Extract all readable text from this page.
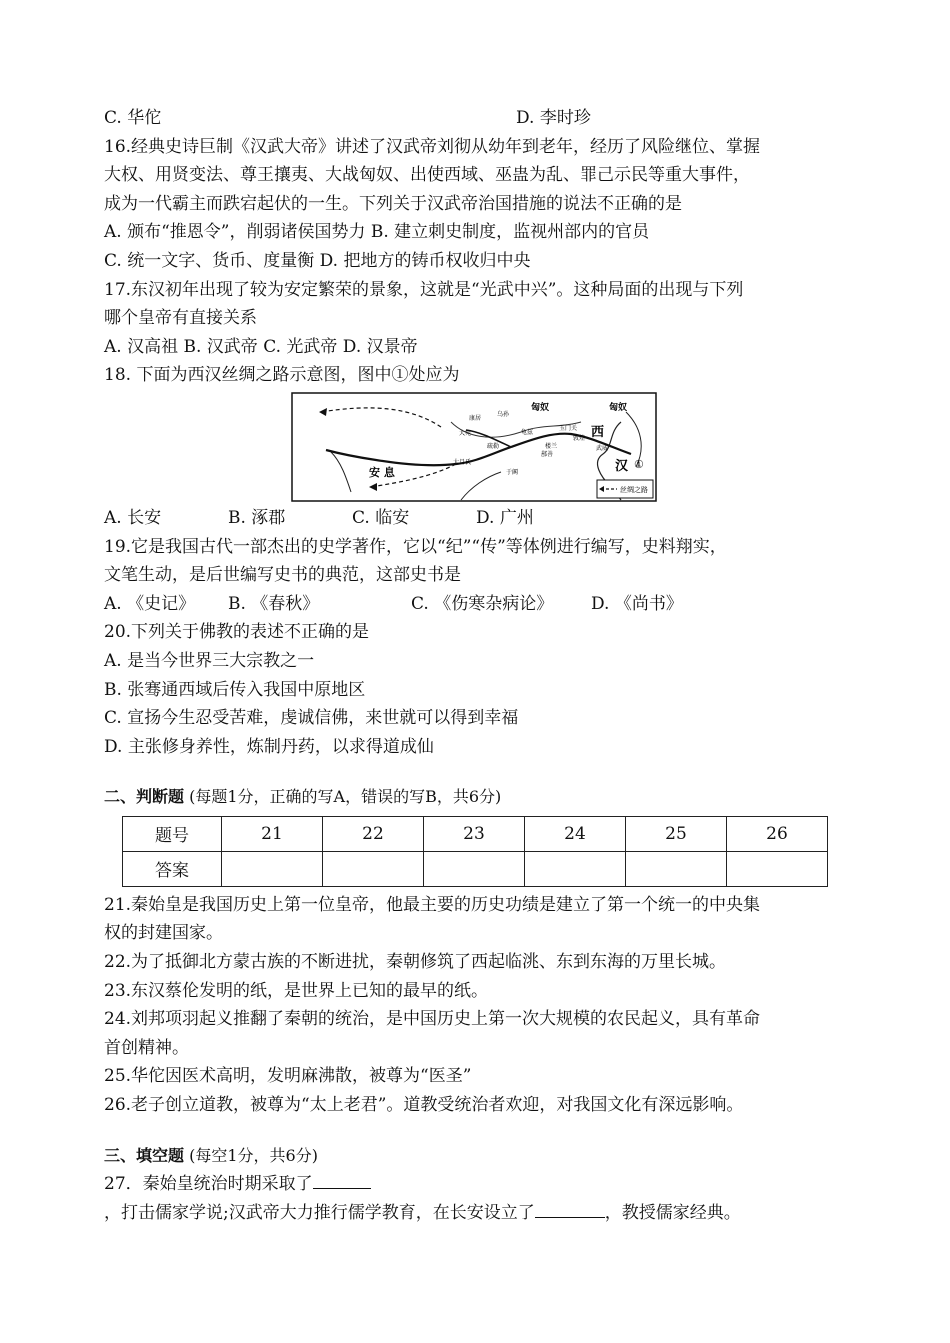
C. 华佗	D. 李时珍
16.经典史诗巨制《汉武大帝》讲述了汉武帝刘彻从幼年到老年，经历了风险继位、掌握
大权、用贤变法、尊王攘夷、大战匈奴、出使西域、巫蛊为乱、罪己示民等重大事件，
成为一代霸主而跌宕起伏的一生。下列关于汉武帝治国措施的说法不正确的是
A. 颁布“推恩令”，削弱诸侯国势力 B. 建立刺史制度，监视州部内的官员
C. 统一文字、货币、度量衡 D. 把地方的铸币权收归中央
17.东汉初年出现了较为安定繁荣的景象，这就是“光武中兴”。这种局面的出现与下列
哪个皇帝有直接关系
A. 汉高祖 B. 汉武帝 C. 光武帝 D. 汉景帝
18. 下面为西汉丝绸之路示意图，图中①处应为
匈奴	匈奴
西
汉 ①
安 息
敦煌
玉门关
武威
于阗
大宛
大月氏
康居
乌孙
龟兹
疏勒	楼兰
鄯善
丝绸之路
A. 长安	B. 涿郡	C. 临安	D. 广州
19.它是我国古代一部杰出的史学著作，它以“纪”“传”等体例进行编写，史料翔实，
文笔生动，是后世编写史书的典范，这部史书是
A. 《史记》 B. 《春秋》	C. 《伤寒杂病论》 D. 《尚书》
20.下列关于佛教的表述不正确的是
A. 是当今世界三大宗教之一
B. 张骞通西域后传入我国中原地区
C. 宣扬今生忍受苦难，虔诚信佛，来世就可以得到幸福
D. 主张修身养性，炼制丹药，以求得道成仙
二、判断题 (每题1分，正确的写A，错误的写B，共6分)
题号	21	22	23	24	25	26
答案						
21.秦始皇是我国历史上第一位皇帝，他最主要的历史功绩是建立了第一个统一的中央集
权的封建国家。
22.为了抵御北方蒙古族的不断进扰，秦朝修筑了西起临洮、东到东海的万里长城。
23.东汉蔡伦发明的纸，是世界上已知的最早的纸。
24.刘邦项羽起义推翻了秦朝的统治，是中国历史上第一次大规模的农民起义，具有革命
首创精神。
25.华佗因医术高明，发明麻沸散，被尊为“医圣”
26.老子创立道教，被尊为“太上老君”。道教受统治者欢迎，对我国文化有深远影响。
三、填空题 (每空1分，共6分)
27．秦始皇统治时期采取了
，打击儒家学说;汉武帝大力推行儒学教育，在长安设立了	，教授儒家经典。
